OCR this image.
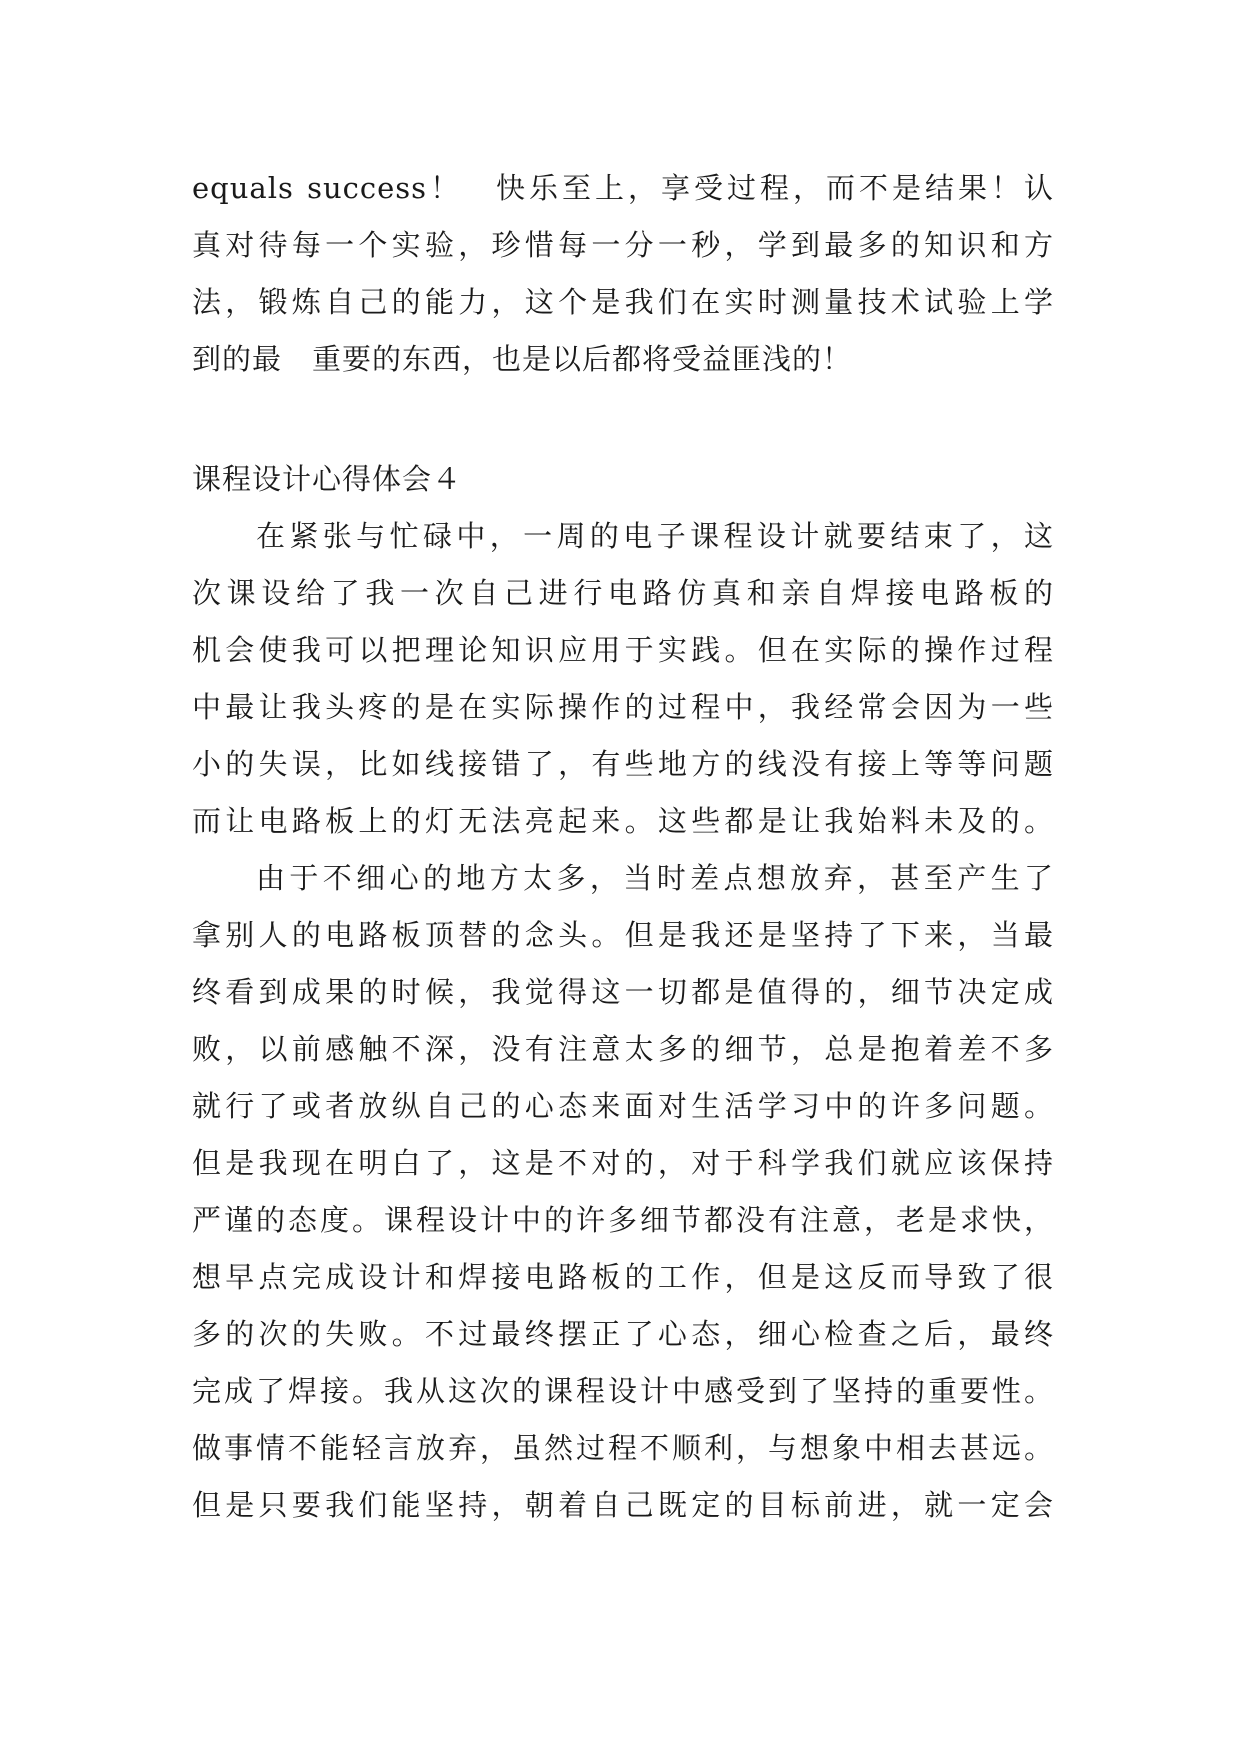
equals success！　快乐至上，享受过程，而不是结果！认
真对待每一个实验，珍惜每一分一秒，学到最多的知识和方
法，锻炼自己的能力，这个是我们在实时测量技术试验上学
到的最　重要的东西，也是以后都将受益匪浅的！
课程设计心得体会４
在紧张与忙碌中，一周的电子课程设计就要结束了，这
次课设给了我一次自己进行电路仿真和亲自焊接电路板的
机会使我可以把理论知识应用于实践。但在实际的操作过程
中最让我头疼的是在实际操作的过程中，我经常会因为一些
小的失误，比如线接错了，有些地方的线没有接上等等问题
而让电路板上的灯无法亮起来。这些都是让我始料未及的。
由于不细心的地方太多，当时差点想放弃，甚至产生了
拿别人的电路板顶替的念头。但是我还是坚持了下来，当最
终看到成果的时候，我觉得这一切都是值得的，细节决定成
败，以前感触不深，没有注意太多的细节，总是抱着差不多
就行了或者放纵自己的心态来面对生活学习中的许多问题。
但是我现在明白了，这是不对的，对于科学我们就应该保持
严谨的态度。课程设计中的许多细节都没有注意，老是求快，
想早点完成设计和焊接电路板的工作，但是这反而导致了很
多的次的失败。不过最终摆正了心态，细心检查之后，最终
完成了焊接。我从这次的课程设计中感受到了坚持的重要性。
做事情不能轻言放弃，虽然过程不顺利，与想象中相去甚远。
但是只要我们能坚持，朝着自己既定的目标前进，就一定会
